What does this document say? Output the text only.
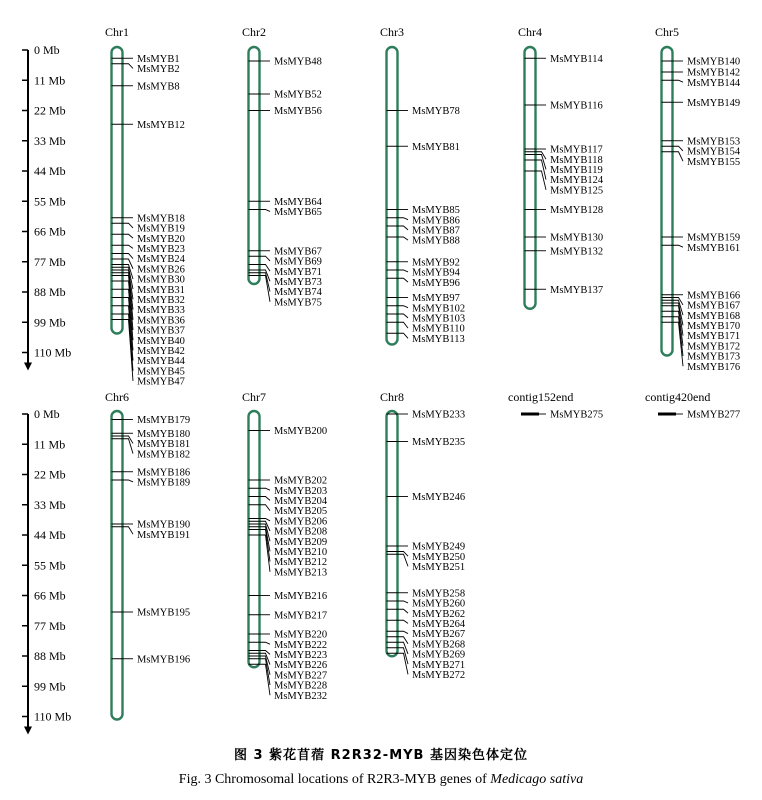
0 Mb
11 Mb
22 Mb
33 Mb
44 Mb
55 Mb
66 Mb
77 Mb
88 Mb
99 Mb
110 Mb
0 Mb
11 Mb
22 Mb
33 Mb
44 Mb
55 Mb
66 Mb
77 Mb
88 Mb
99 Mb
110 Mb
Chr1
MsMYB1
MsMYB2
MsMYB8
MsMYB12
MsMYB18
MsMYB19
MsMYB20
MsMYB23
MsMYB24
MsMYB26
MsMYB30
MsMYB31
MsMYB32
MsMYB33
MsMYB36
MsMYB37
MsMYB40
MsMYB42
MsMYB44
MsMYB45
MsMYB47
Chr2
MsMYB48
MsMYB52
MsMYB56
MsMYB64
MsMYB65
MsMYB67
MsMYB69
MsMYB71
MsMYB73
MsMYB74
MsMYB75
Chr3
MsMYB78
MsMYB81
MsMYB85
MsMYB86
MsMYB87
MsMYB88
MsMYB92
MsMYB94
MsMYB96
MsMYB97
MsMYB102
MsMYB103
MsMYB110
MsMYB113
Chr4
MsMYB114
MsMYB116
MsMYB117
MsMYB118
MsMYB119
MsMYB124
MsMYB125
MsMYB128
MsMYB130
MsMYB132
MsMYB137
Chr5
MsMYB140
MsMYB142
MsMYB144
MsMYB149
MsMYB153
MsMYB154
MsMYB155
MsMYB159
MsMYB161
MsMYB166
MsMYB167
MsMYB168
MsMYB170
MsMYB171
MsMYB172
MsMYB173
MsMYB176
Chr6
MsMYB179
MsMYB180
MsMYB181
MsMYB182
MsMYB186
MsMYB189
MsMYB190
MsMYB191
MsMYB195
MsMYB196
Chr7
MsMYB200
MsMYB202
MsMYB203
MsMYB204
MsMYB205
MsMYB206
MsMYB208
MsMYB209
MsMYB210
MsMYB212
MsMYB213
MsMYB216
MsMYB217
MsMYB220
MsMYB222
MsMYB223
MsMYB226
MsMYB227
MsMYB228
MsMYB232
Chr8
MsMYB233
MsMYB235
MsMYB246
MsMYB249
MsMYB250
MsMYB251
MsMYB258
MsMYB260
MsMYB262
MsMYB264
MsMYB267
MsMYB268
MsMYB269
MsMYB271
MsMYB272
contig152end
MsMYB275
contig420end
MsMYB277
图 3 紫花苜蓿 R2R32-MYB 基因染色体定位
Fig. 3 Chromosomal locations of R2R3-MYB genes of Medicago sativa
